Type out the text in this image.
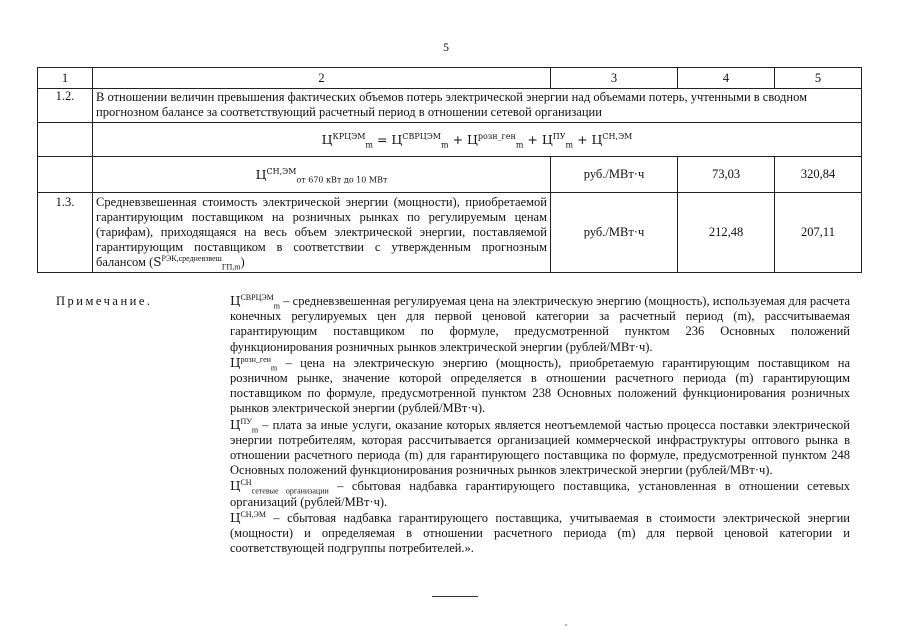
5
1	2	3	4	5
1.2.	В отношении величин превышения фактических объемов потерь электрической энергии над объемами потерь, учтенными в сводном прогнозном балансе за соответствующий расчетный период в отношении сетевой организации			
	$Ц^{КРЦЭМ}_m = Ц^{СВРЦЭМ}_m + Ц^{розн\_ген}_m + Ц^{ПУ}_m + Ц^{СН,ЭМ}$
	$Ц^{СН,ЭМ}_{от 670 кВт до 10 МВт}$	руб./МВт·ч	73,03	320,84
1.3.	Средневзвешенная стоимость электрической энергии (мощности), приобретаемой гарантирующим поставщиком на розничных рынках по регулируемым ценам (тарифам), приходящаяся на весь объем электрической энергии, поставляемой гарантирующим поставщиком в соответствии с утвержденным прогнозным балансом $(S^{РЭК,средневзвеш}_{ГП,m})$	руб./МВт·ч	212,48	207,11
Примечание.	$Ц^{СВРЦЭМ}_m$ – средневзвешенная регулируемая цена на электрическую энергию (мощность), используемая для расчета конечных регулируемых цен для первой ценовой категории за расчетный период (m), рассчитываемая гарантирующим поставщиком по формуле, предусмотренной пунктом 236 Основных положений функционирования розничных рынков электрической энергии (рублей/МВт·ч).

$Ц^{розн\_ген}_m$ – цена на электрическую энергию (мощность), приобретаемую гарантирующим поставщиком на розничном рынке, значение которой определяется в отношении расчетного периода (m) гарантирующим поставщиком по формуле, предусмотренной пунктом 238 Основных положений функционирования розничных рынков электрической энергии (рублей/МВт·ч).

$Ц^{ПУ}_m$ – плата за иные услуги, оказание которых является неотъемлемой частью процесса поставки электрической энергии потребителям, которая рассчитывается организацией коммерческой инфраструктуры оптового рынка в отношении расчетного периода (m) для гарантирующего поставщика по формуле, предусмотренной пунктом 248 Основных положений функционирования розничных рынков электрической энергии (рублей/МВт·ч).

$Ц^{СН}_{сетевые организации}$ – сбытовая надбавка гарантирующего поставщика, установленная в отношении сетевых организаций (рублей/МВт·ч).

$Ц^{СН,ЭМ}$ – сбытовая надбавка гарантирующего поставщика, учитываемая в стоимости электрической энергии (мощности) и определяемая в отношении расчетного периода (m) для первой ценовой категории и соответствующей подгруппы потребителей.».
